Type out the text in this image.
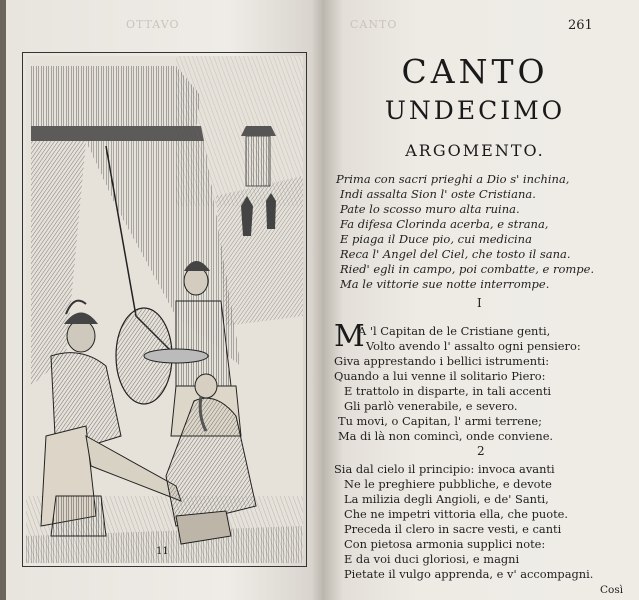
OTTAVO	CANTO
11
261
CANTO
UNDECIMO
ARGOMENTO.
Prima con sacri prieghi a Dio s' inchina,
Indi assalta Sion l' oste Cristiana.
Pate lo scosso muro alta ruina.
Fa difesa Clorinda acerba, e strana,
E piaga il Duce pio, cui medicina
Reca l' Angel del Ciel, che tosto il sana.
Ried' egli in campo, poi combatte, e rompe.
Ma le vittorie sue notte interrompe.
I
M
A 'l Capitan de le Cristiane genti,
Volto avendo l' assalto ogni pensiero:
Giva apprestando i bellici istrumenti:
Quando a lui venne il solitario Piero:
E trattolo in disparte, in tali accenti
Gli parlò venerabile, e severo.
Tu movi, o Capitan, l' armi terrene;
Ma di là non comincì, onde conviene.
2
Sia dal cielo il principio: invoca avanti
Ne le preghiere pubbliche, e devote
La milizia degli Angioli, e de' Santi,
Che ne impetri vittoria ella, che puote.
Preceda il clero in sacre vesti, e canti
Con pietosa armonia supplici note:
E da voi duci gloriosi, e magni
Pietate il vulgo apprenda, e v' accompagni.
Così
